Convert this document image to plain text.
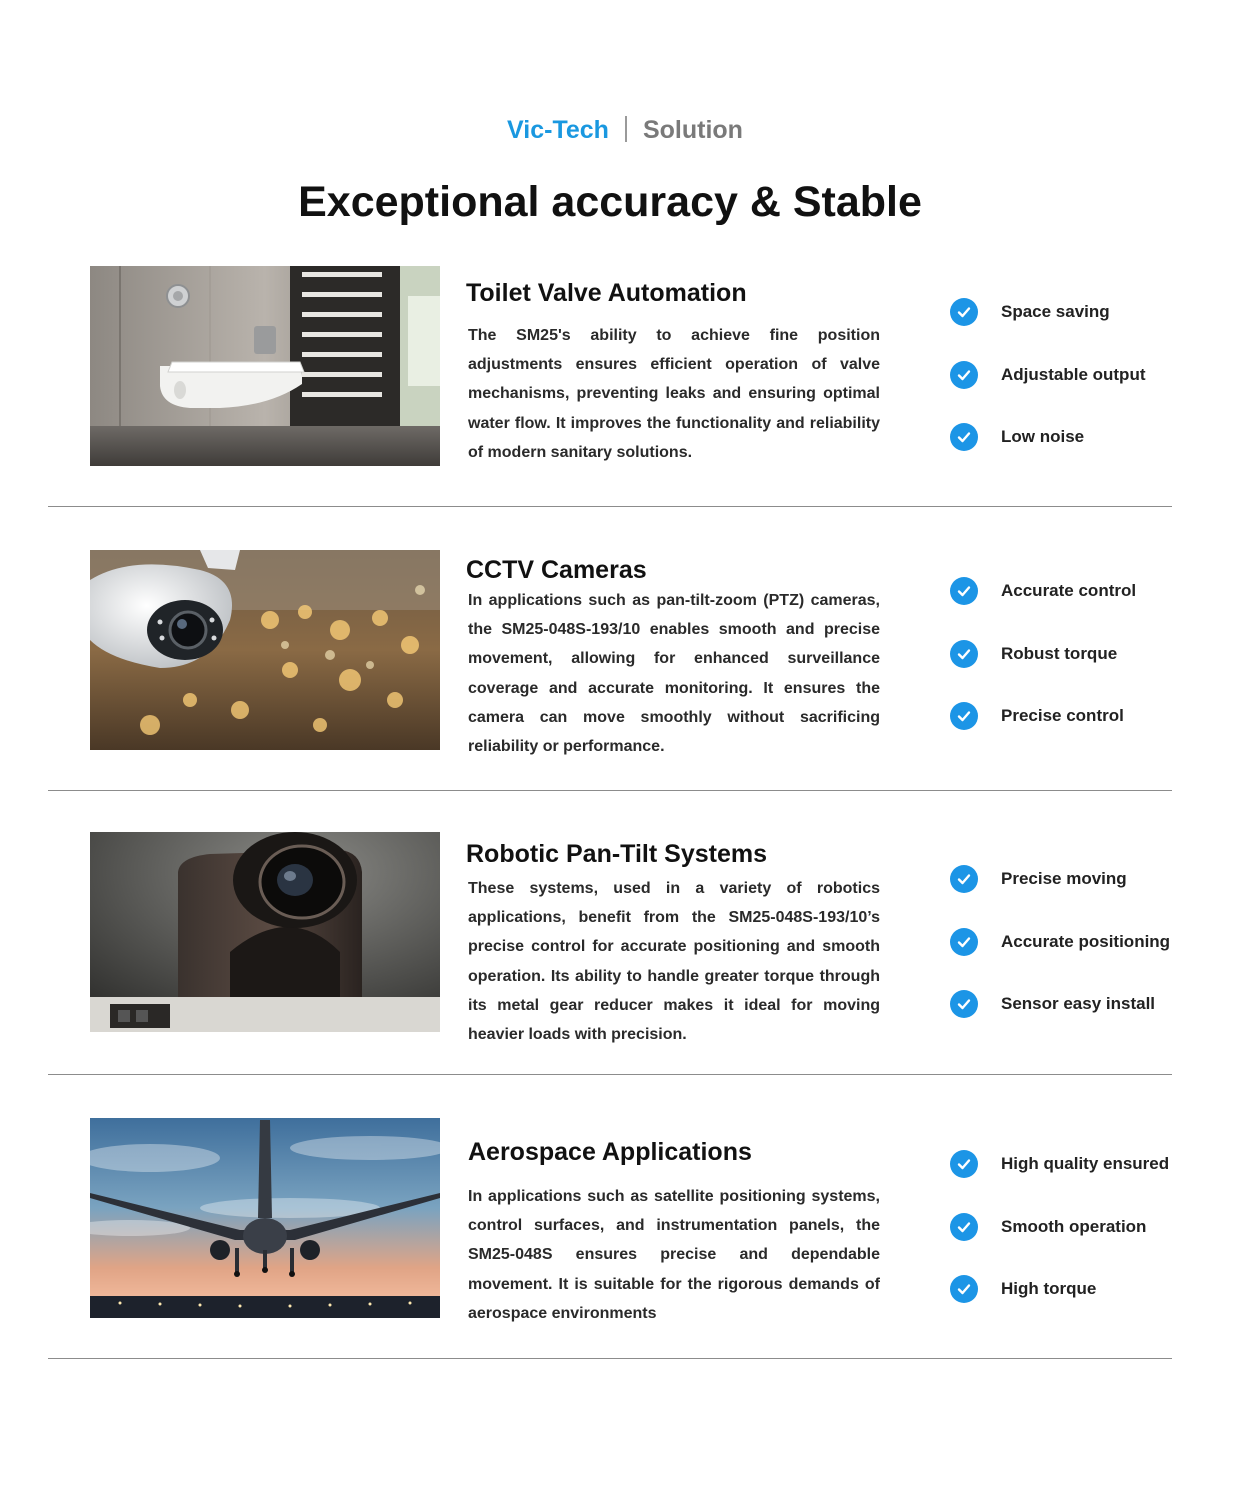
Vic-Tech Solution
Exceptional accuracy & Stable
Toilet Valve Automation

The SM25's ability to achieve fine position adjustments ensures efficient operation of valve mechanisms, preventing leaks and ensuring optimal water flow. It improves the functionality and reliability of modern sanitary solutions.

Space saving
Adjustable output
Low noise
CCTV Cameras

In applications such as pan-tilt-zoom (PTZ) cameras, the SM25-048S-193/10 enables smooth and precise movement, allowing for enhanced surveillance coverage and accurate monitoring. It ensures the camera can move smoothly without sacrificing reliability or performance.

Accurate control
Robust torque
Precise control
Robotic Pan-Tilt Systems

These systems, used in a variety of robotics applications, benefit from the SM25-048S-193/10’s precise control for accurate positioning and smooth operation. Its ability to handle greater torque through its metal gear reducer makes it ideal for moving heavier loads with precision.

Precise moving
Accurate positioning
Sensor easy install
Aerospace Applications

In applications such as satellite positioning systems, control surfaces, and instrumentation panels, the SM25-048S ensures precise and dependable movement. It is suitable for the rigorous demands of aerospace environments

High quality ensured
Smooth operation
High torque
